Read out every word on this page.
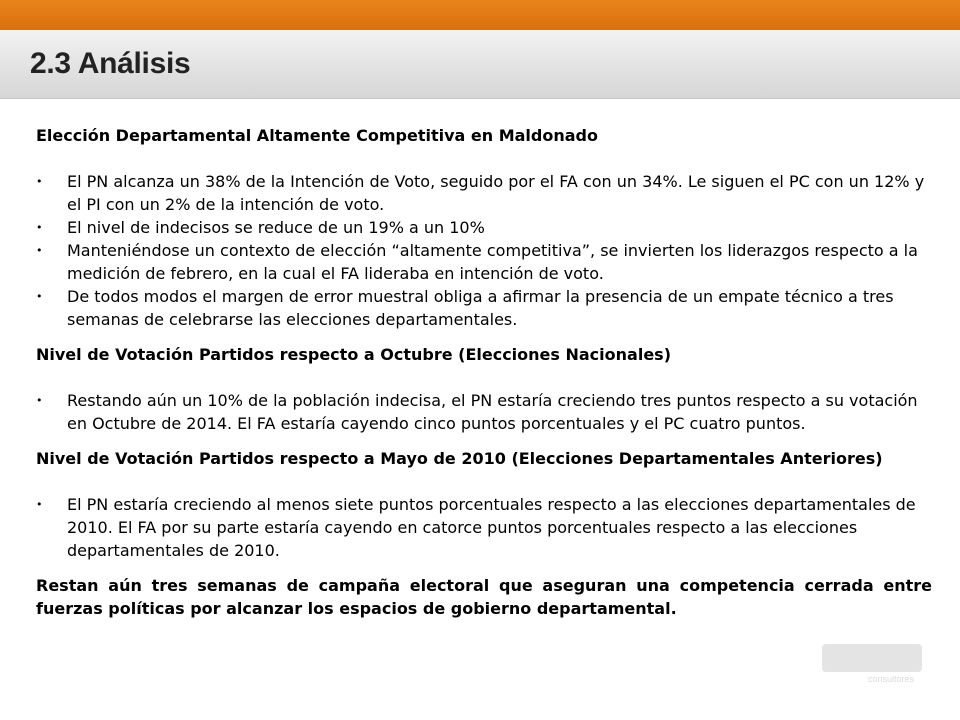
2.3 Análisis

Elección Departamental Altamente Competitiva en Maldonado

• El PN alcanza un 38% de la Intención de Voto, seguido por el FA con un 34%. Le siguen el PC con un 12% y el PI con un 2% de la intención de voto.
• El nivel de indecisos se reduce de un 19% a un 10%
• Manteniéndose un contexto de elección “altamente competitiva”, se invierten los liderazgos respecto a la medición de febrero, en la cual el FA lideraba en intención de voto.
• De todos modos el margen de error muestral obliga a afirmar la presencia de un empate técnico a tres semanas de celebrarse las elecciones departamentales.

Nivel de Votación Partidos respecto a Octubre (Elecciones Nacionales)

• Restando aún un 10% de la población indecisa, el PN estaría creciendo tres puntos respecto a su votación en Octubre de 2014. El FA estaría cayendo cinco puntos porcentuales y el PC cuatro puntos.

Nivel de Votación Partidos respecto a Mayo de 2010 (Elecciones Departamentales Anteriores)

• El PN estaría creciendo al menos siete puntos porcentuales respecto a las elecciones departamentales de 2010. El FA por su parte estaría cayendo en catorce puntos porcentuales respecto a las elecciones departamentales de 2010.

Restan aún tres semanas de campaña electoral que aseguran una competencia cerrada entre fuerzas políticas por alcanzar los espacios de gobierno departamental.

consultores
